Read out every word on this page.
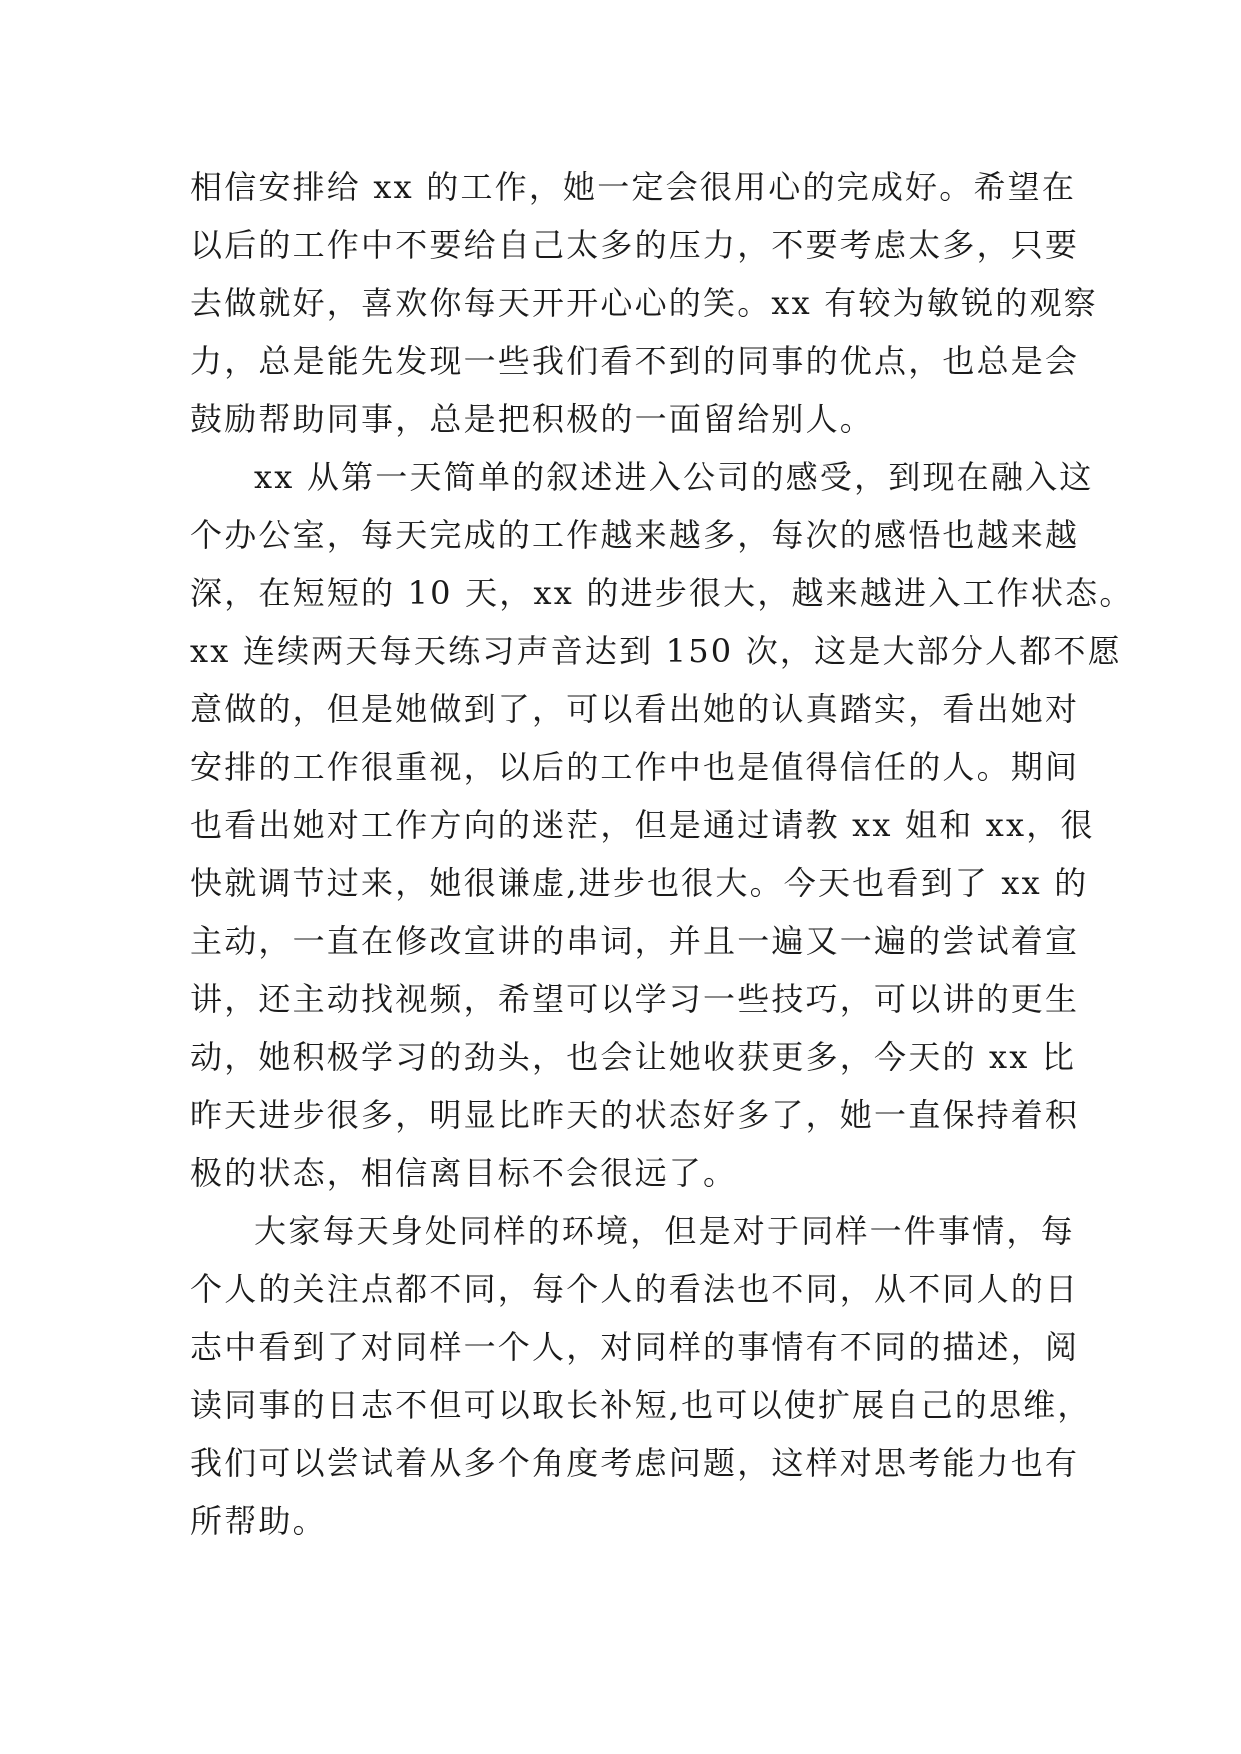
相信安排给 xx 的工作，她一定会很用心的完成好。希望在
以后的工作中不要给自己太多的压力，不要考虑太多，只要
去做就好，喜欢你每天开开心心的笑。xx 有较为敏锐的观察
力，总是能先发现一些我们看不到的同事的优点，也总是会
鼓励帮助同事，总是把积极的一面留给别人。
xx 从第一天简单的叙述进入公司的感受，到现在融入这
个办公室，每天完成的工作越来越多，每次的感悟也越来越
深，在短短的 10 天，xx 的进步很大，越来越进入工作状态。
xx 连续两天每天练习声音达到 150 次，这是大部分人都不愿
意做的，但是她做到了，可以看出她的认真踏实，看出她对
安排的工作很重视，以后的工作中也是值得信任的人。期间
也看出她对工作方向的迷茫，但是通过请教 xx 姐和 xx，很
快就调节过来，她很谦虚,进步也很大。今天也看到了 xx 的
主动，一直在修改宣讲的串词，并且一遍又一遍的尝试着宣
讲，还主动找视频，希望可以学习一些技巧，可以讲的更生
动，她积极学习的劲头，也会让她收获更多，今天的 xx 比
昨天进步很多，明显比昨天的状态好多了，她一直保持着积
极的状态，相信离目标不会很远了。
大家每天身处同样的环境，但是对于同样一件事情，每
个人的关注点都不同，每个人的看法也不同，从不同人的日
志中看到了对同样一个人，对同样的事情有不同的描述，阅
读同事的日志不但可以取长补短,也可以使扩展自己的思维，
我们可以尝试着从多个角度考虑问题，这样对思考能力也有
所帮助。
